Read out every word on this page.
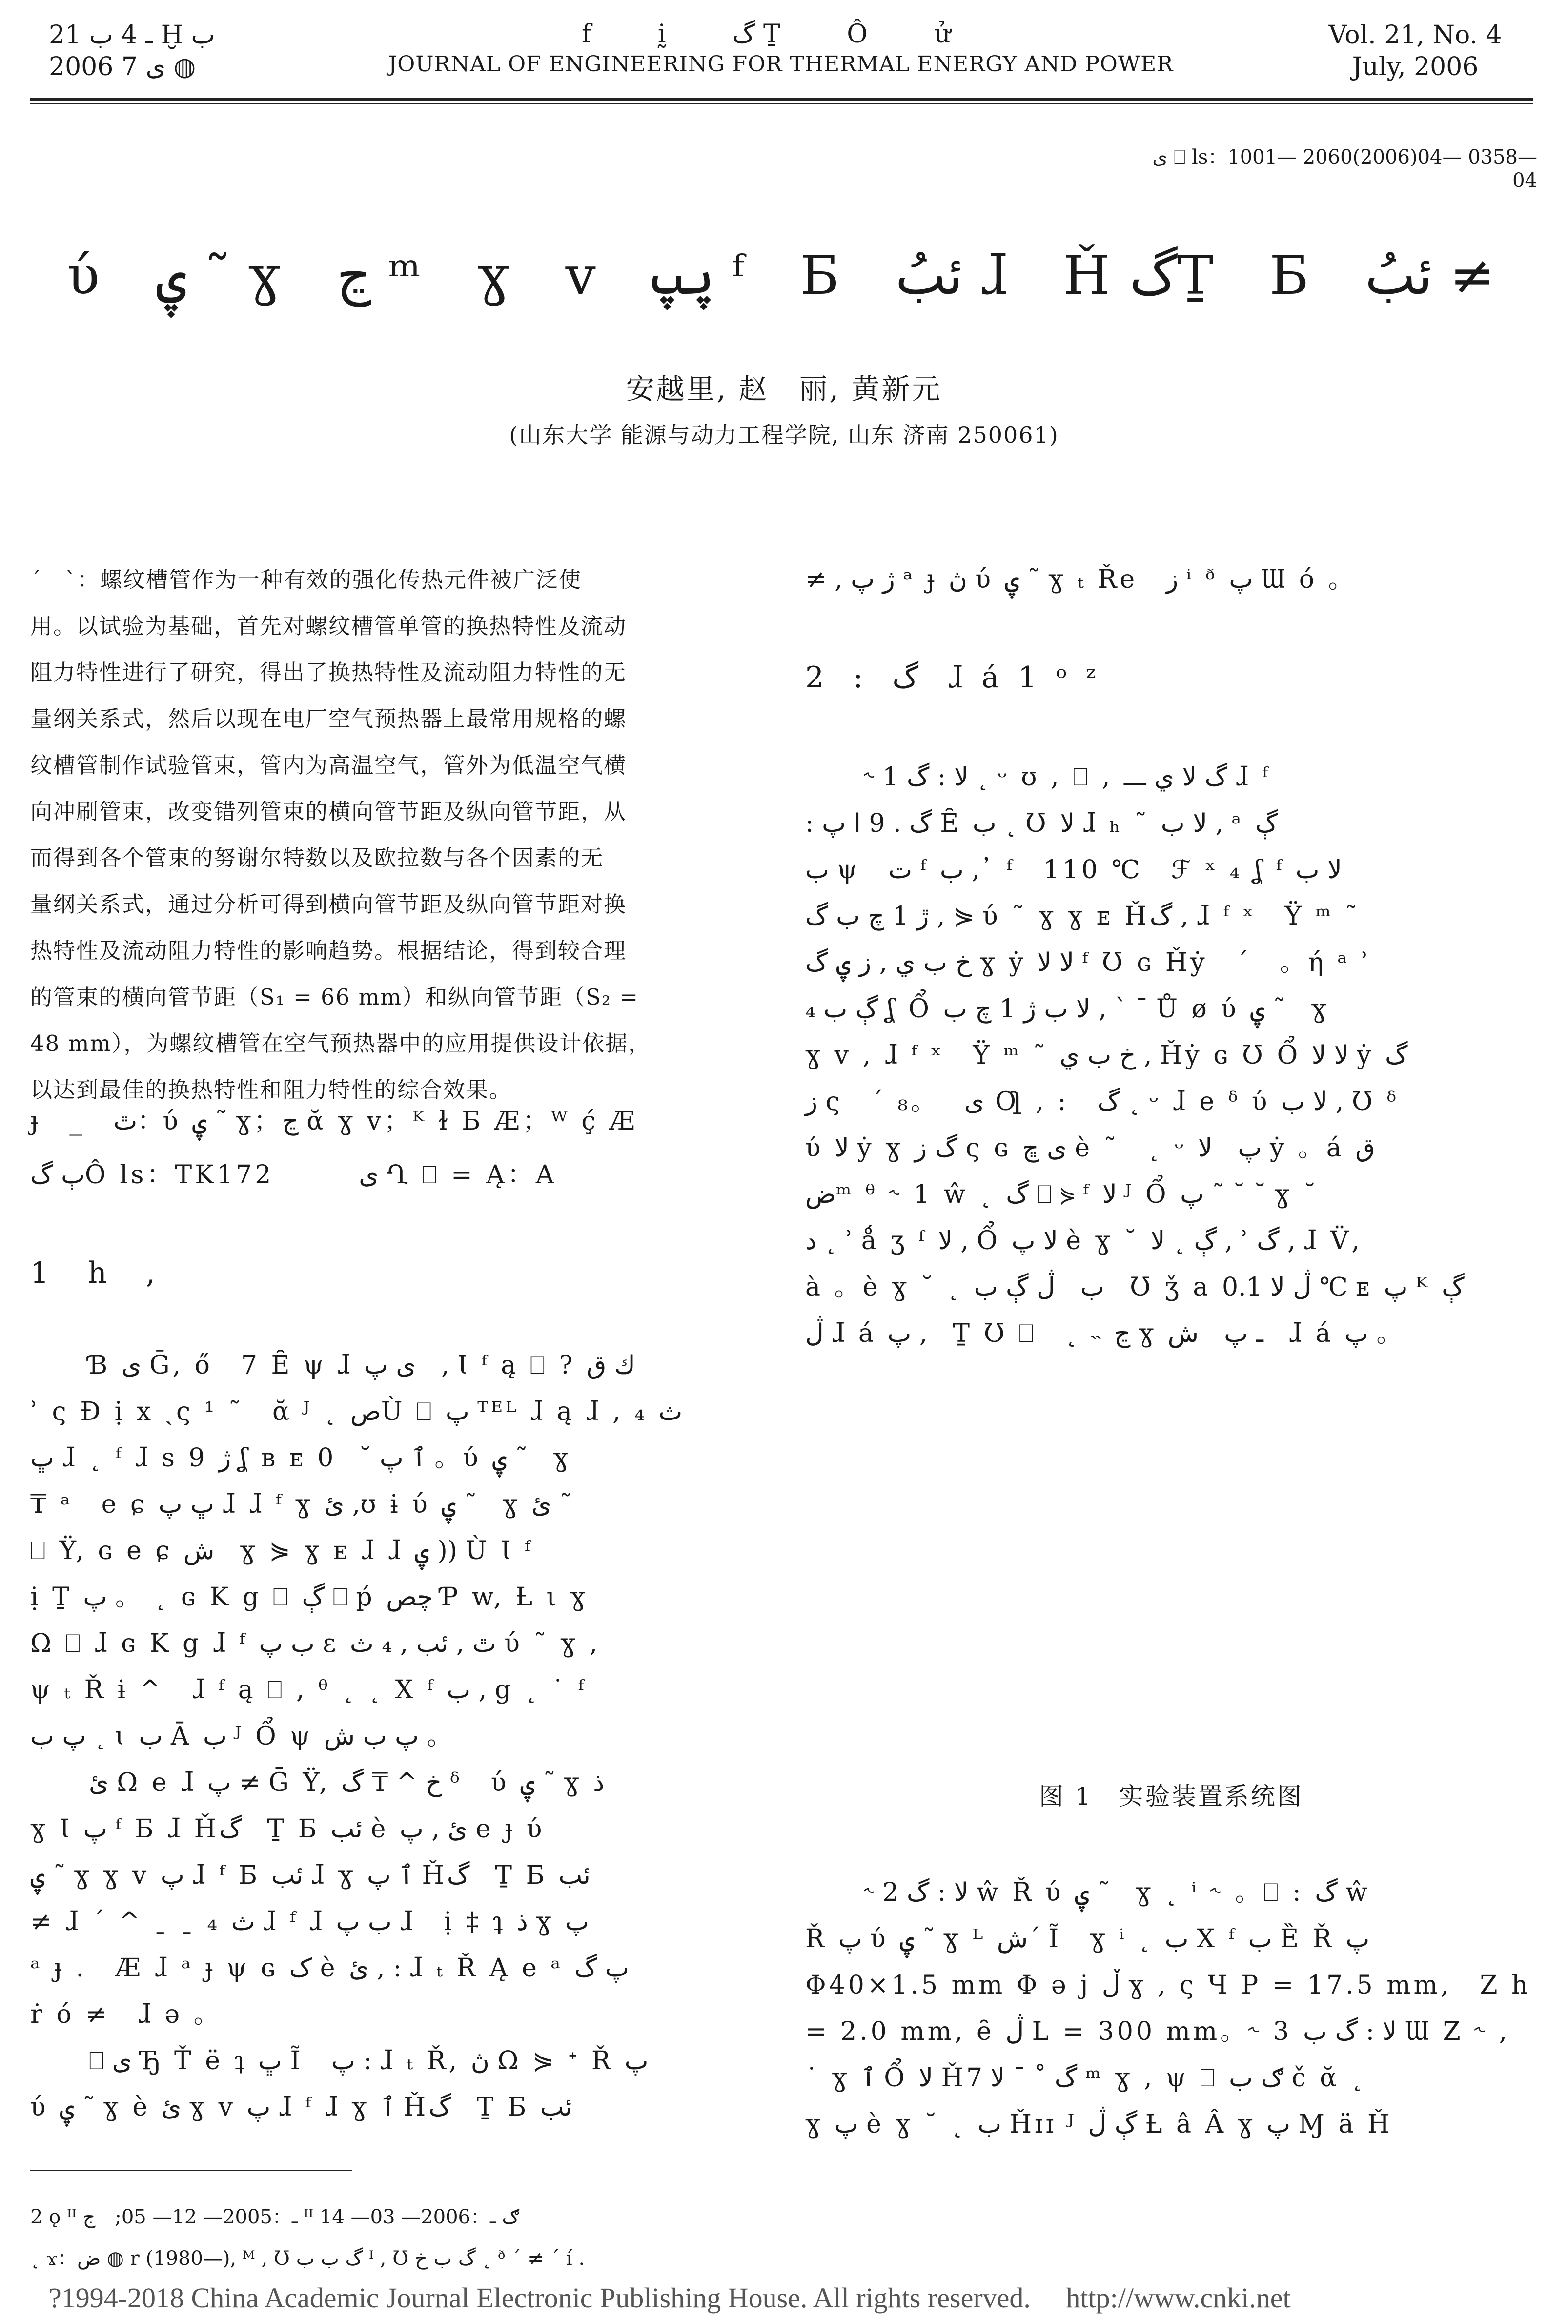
ـ 4 ب 21 Ḫ ب
2006 ى 7 ◍
f ḭ گ Ṯ Ô ử
JOURNAL OF ENGINEERING FOR THERMAL ENERGY AND POWER
Vol. 21, No. 4
July, 2006
ى ⎕ ls：1001— 2060(2006)04— 0358— 04
ύ ۑ ˜ ɣ ڃ ᵐ ɣ v ۑپ ᶠ Б ئبُ ɺ ȞگṮ Б ئبُ ≠
安越里, 赵　丽, 黄新元
(山东大学 能源与动力工程学院, 山东 济南 250061)

ˊ　ˋ：螺纹槽管作为一种有效的强化传热元件被广泛使

用。以试验为基础，首先对螺纹槽管单管的换热特性及流动

阻力特性进行了研究，得出了换热特性及流动阻力特性的无

量纲关系式，然后以现在电厂空气预热器上最常用规格的螺

纹槽管制作试验管束，管内为高温空气，管外为低温空气横

向冲刷管束，改变错列管束的横向管节距及纵向管节距，从

而得到各个管束的努谢尔特数以及欧拉数与各个因素的无

量纲关系式，通过分析可得到横向管节距及纵向管节距对换

热特性及流动阻力特性的影响趋势。根据结论，得到较合理

的管束的横向管节距（S₁ = 66 mm）和纵向管节距（S₂ =

48 mm），为螺纹槽管在空气预热器中的应用提供设计依据，

以达到最佳的换热特性和阻力特性的综合效果。

ɟ　_　ٿ：ύ ۑ ˜ ɣ；ڃ ᾰ ɣ v；ᴷ ɫ Б Æ；ᵂ ḉ Æ
ٻ گÔ ls：TK172　　　ى Ղ ⎕ = Ą：A
1　h　,

Ɓ ى Ḡ, ő　7 Ȇ ψ ɺ ى پ　, Ɩ ᶠ ą ⎕ ? ك ق

ʾ ς Ɖ ị x ˎς ¹ ˜　ᾰ ᴶ ˛ صÙ ⎕ پ ᵀᴱᴸ ɺ ą ɺ , ₄ ث

ڀ ɺ ˛ ᶠ ɺ s 9 ژ ʆ ʙ ᴇ ٱ پ ˘　0 。ύ ۑ ˜　ɣ

₸ ᵃ　e ɕ ڀ پ ɺ ɺ ᶠ ɣ ئ ,ʊ ɨ ύ ۑ ˜　ɣ ئ ˜

⎕ Ÿ, ɢ e ɕ ش　ɣ ⋟ ɣ ᴇ ɺ ɺ ۑ )) Ù Ɩ ᶠ

ị Ṯ پ 。 ˛ ɢ K g ⎕ ڳ ⎕ ṕ چص Ƥ w, Ƚ ι ɣ

Ω ⎕ ɺ ɢ K g ɺ ᶠ ب پ ɛ ٿ , ئب , ₄ ث ύ ˜ ɣ ,

ψ ₜ Ř ɨ ^　ɺ ᶠ ą ⎕ , ᶿ ˛ ˛ X ᶠ ب , g ˛ ˙ ᶠ

پ ب ˛ ɩ ب Ā ب ᴶ Ổ ψ پ ب ش 。

ئ Ω e ɺ پ ≠ Ḡ Ÿ, خ ^ ₸ گ ᵟ　ύ ۑ ˜ ɣ ذ

ɣ Ɩ پ ᶠ Б ɺ Ȟگ　Ṯ Б ئب è ئ , پ e ɟ ύ

ۑ ˜ ɣ ɣ v پ ɺ ᶠ Б ئب ɺ ɣ ٱ پ Ȟگ　Ṯ Б ئب

≠ ɺ ˊ ^ ˍ ˍ ₄ ث ɺ ᶠ ɺ ب پ ɺ　ị ‡ ʇ ذ ɣ پ

ᵃ ɟ .　Æ ɺ ᵃ ɟ ψ ɢ ک è ئ , : ɺ ₜ Ř Ą e ᵃ پ گ

ṙ ó ≠　ɺ ə 。

⎕ ى Ђ Ť ë ʇ ڀ Ĩ　پ : ɺ ₜ Ř, ڽ Ω ⋟ ᐩ Ř پ

ύ ۑ ˜ ɣ è ئ ɣ v پ ɺ ᶠ ɺ ɣ ٱ Ȟگ　Ṯ Б ئب

2 ǫ ᴵᴵ ـ：2005— 12— 05;　ج ᴵᴵ ګ ـ：2006— 03— 14
˛ ϫ：ض ◍ r (1980—), ᴹ , Ʊ گ ب ب ᴵ , Ʊ گ ب خ ˛ ᶞ ˊ ≠ ˊ í .
≠ , ژ پ ᵃ ɟ ڽ ύ ۑ ˜ ɣ ₜ Ře　ز ⁱ ᶞ پ Ɯ ó 。
2　:　گ　ɺ á 1 ᵒ ᶻ

˞ 1 لا : گ ˛ ᵕ ʊ , ⎕ , گ لا ي ـــ ɺ ᶠ

: گ . 9 ا پ Ȇ ب ˛ Ʊ لا ɺ ₕ ˜ لا ب , ᵃ ڳ

ب ψ　ت ᶠ ب ,᾽ ᶠ　110 ℃　ℱ ˣ ₄ ʆ ᶠ لا ب

ڙ 1 چ ب گ , ⋟ ύ ˜ ɣ ɣ ᴇ Ȟگ , ɺ ᶠ ˣ　Ÿ ᵐ ˜

خ ب ي , ز ۑ گ ɣ ẏ لا لا ᶠ Ʊ ɢ Ȟẏ　ˊ　。ή ᵃ ʾ

ڳ ب ₄ ʆ Ổ لا ب ژ 1 چ ب , ` ˉ Ů ø ύ ۑ ˜　ɣ

ɣ v , ɺ ᶠ ˣ　Ÿ ᵐ ˜ خ ب ي , Ȟẏ ɢ Ʊ Ổ لا لا ẏ گ

ز ς　ˊ ى　。₈ Ƣ , :　گ ˛ ᵕ ɺ e ᵟ ύ لا ب , Ʊ ᵟ

ύ لا ẏ ɣ گ ز ς ɢ ى ڇ è ˜　˛ ᵕ پ　لا ẏ 。á ق

ضᵐ ᶿ ˞ 1 ŵ ˛ گ ⎕ ⋟ ᶠ لا ᴶ Ổ پ ˜ ˘ ˘ ɣ ˘

د ˛ ʾ ǻ ʒ ᶠ لا , Ổ لا پ è ɣ ˘ ڳ ˛ لا , ʾ گ , ɺ V̈,

à 。è ɣ ˘ ˛ ب　ڷ ڳ ب　Ʊ ǯ a ڷ لا 0.1 ℃ ᴇ پ ᴷ ڳ

ڷ ɺ á پ ,　Ṯ Ʊ ⎕　˛ ˵ ڃ ɣ ـ پ　ش　ɺ á پ 。

图 1　实验装置系统图

˞ 2 لا : گ ŵ Ř ύ ۑ ˜　ɣ ˛ ⁱ ˞ 。⎕ : گ ŵ

Ř پ ύ ۑ ˜ ɣ ᴸ شˊ Ĩ　ɣ ⁱ ˛ ب X ᶠ ب Ȅ Ř پ

Φ40×1.5 mm Φ ə j ڵ ɣ , ς Ч P = 17.5 mm,　Z h

= 2.0 mm, ȇ ڷ L = 300 mm。˞ 3 لا : گ ب Ɯ Z ˞ ,

˙ ɣ ٱ Ổ لا Ȟگ ˚ ˉ لا 7 ᵐ ɣ , ψ ⎕ ګ ب č ᾰ ˛

ɣ پ è ɣ ˘ ˛ ب Ȟɪɪ ᴶ ڳ ڷ Ƚ â Â ɣ پ Ɱ ä Ȟ

?1994-2018 China Academic Journal Electronic Publishing House. All rights reserved.　 http://www.cnki.net
